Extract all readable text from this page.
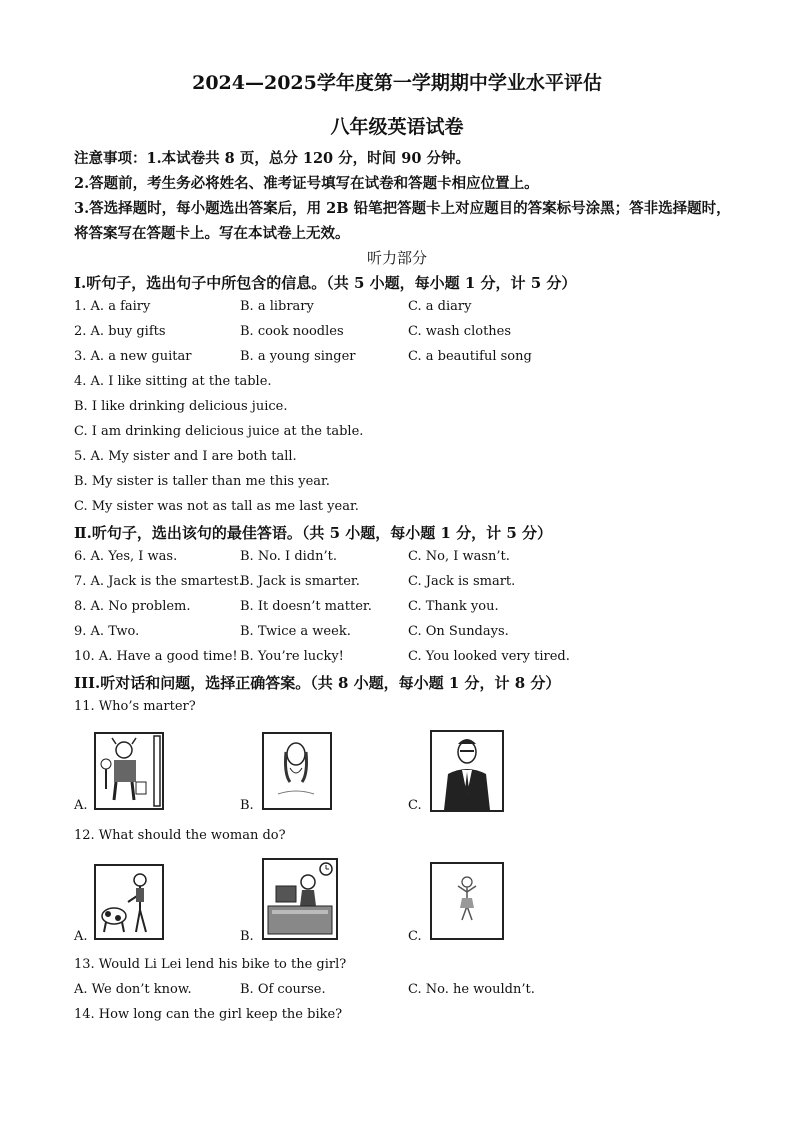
2024—2025学年度第一学期期中学业水平评估
八年级英语试卷
注意事项：1.本试卷共 8 页，总分 120 分，时间 90 分钟。
2.答题前，考生务必将姓名、准考证号填写在试卷和答题卡相应位置上。
3.答选择题时，每小题选出答案后，用 2B 铅笔把答题卡上对应题目的答案标号涂黑；答非选择题时，将答案写在答题卡上。写在本试卷上无效。
听力部分
I.听句子，选出句子中所包含的信息。（共 5 小题，每小题 1 分，计 5 分）
1. A. a fairy	B. a library	C. a diary
2. A. buy gifts	B. cook noodles	C. wash clothes
3. A. a new guitar	B. a young singer	C. a beautiful song
4. A. I like sitting at the table.
B. I like drinking delicious juice.
C. I am drinking delicious juice at the table.
5. A. My sister and I are both tall.
B. My sister is taller than me this year.
C. My sister was not as tall as me last year.
Ⅱ.听句子，选出该句的最佳答语。（共 5 小题，每小题 1 分，计 5 分）
6. A. Yes, I was.	B. No. I didn’t.	C. No, I wasn’t.
7. A. Jack is the smartest.
B. Jack is smarter.	C. Jack is smart.
8. A. No problem.	B. It doesn’t matter.	C. Thank you.
9. A. Two.	B. Twice a week.	C. On Sundays.
10. A. Have a good time! B. You’re lucky!	C. You looked very tired.
III.听对话和问题，选择正确答案。（共 8 小题，每小题 1 分，计 8 分）
11. Who’s marter?
A.	B.	C.
12. What should the woman do?
A.	B.	C.
13. Would Li Lei lend his bike to the girl?
A. We don’t know.	B. Of course.	C. No. he wouldn’t.
14. How long can the girl keep the bike?
